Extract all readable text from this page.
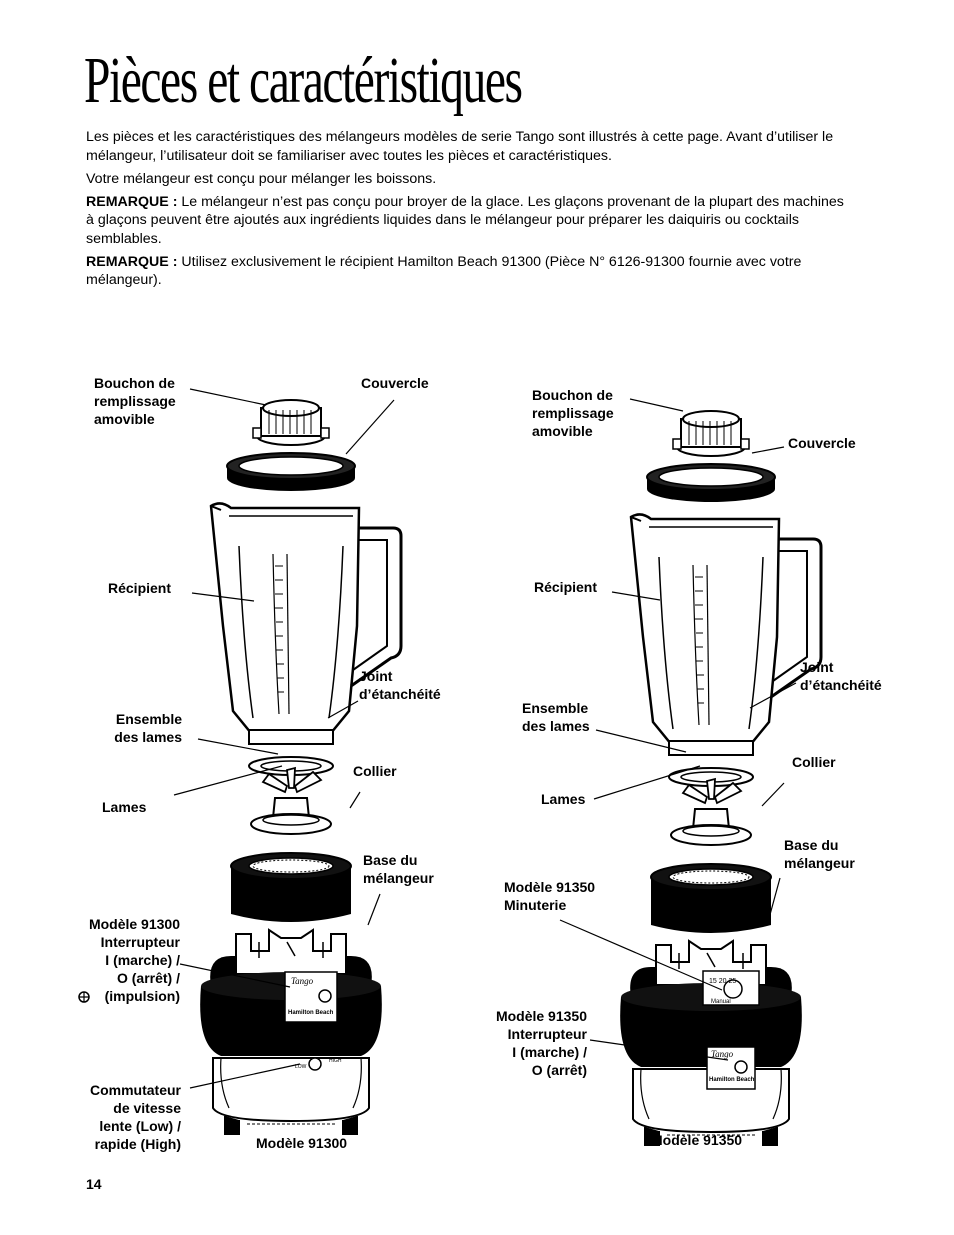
Pièces et caractéristiques

Les pièces et les caractéristiques des mélangeurs modèles de serie Tango sont illustrés à cette page. Avant d’utiliser le mélangeur, l’utilisateur doit se familiariser avec toutes les pièces et caractéristiques.

Votre mélangeur est conçu pour mélanger les boissons.

REMARQUE : Le mélangeur n’est pas conçu pour broyer de la glace. Les glaçons provenant de la plupart des machines à glaçons peuvent être ajoutés aux ingrédients liquides dans le mélangeur pour préparer les daiquiris ou cocktails semblables.

REMARQUE : Utilisez exclusivement le récipient Hamilton Beach 91300 (Pièce N° 6126-91300 fournie avec votre mélangeur).

Tango
Hamilton Beach
LOW
HIGH
15 20 25
Manual
Tango
Hamilton Beach
Bouchon de
remplissage
amovible
Couvercle
Récipient
Joint
d’étanchéité
Ensemble
des lames
Collier
Lames
Base du
mélangeur
Modèle 91300
Interrupteur
I (marche) /
O (arrêt) /
(impulsion)
Commutateur
de vitesse
lente (Low) /
rapide (High)	Modèle 91300
Bouchon de
remplissage
amovible
Couvercle
Récipient
Joint
d’étanchéité
Ensemble
des lames
Collier
Lames
Base du
mélangeur
Modèle 91350
Minuterie
Modèle 91350
Interrupteur
I (marche) /
O (arrêt)
Modèle 91350
14
